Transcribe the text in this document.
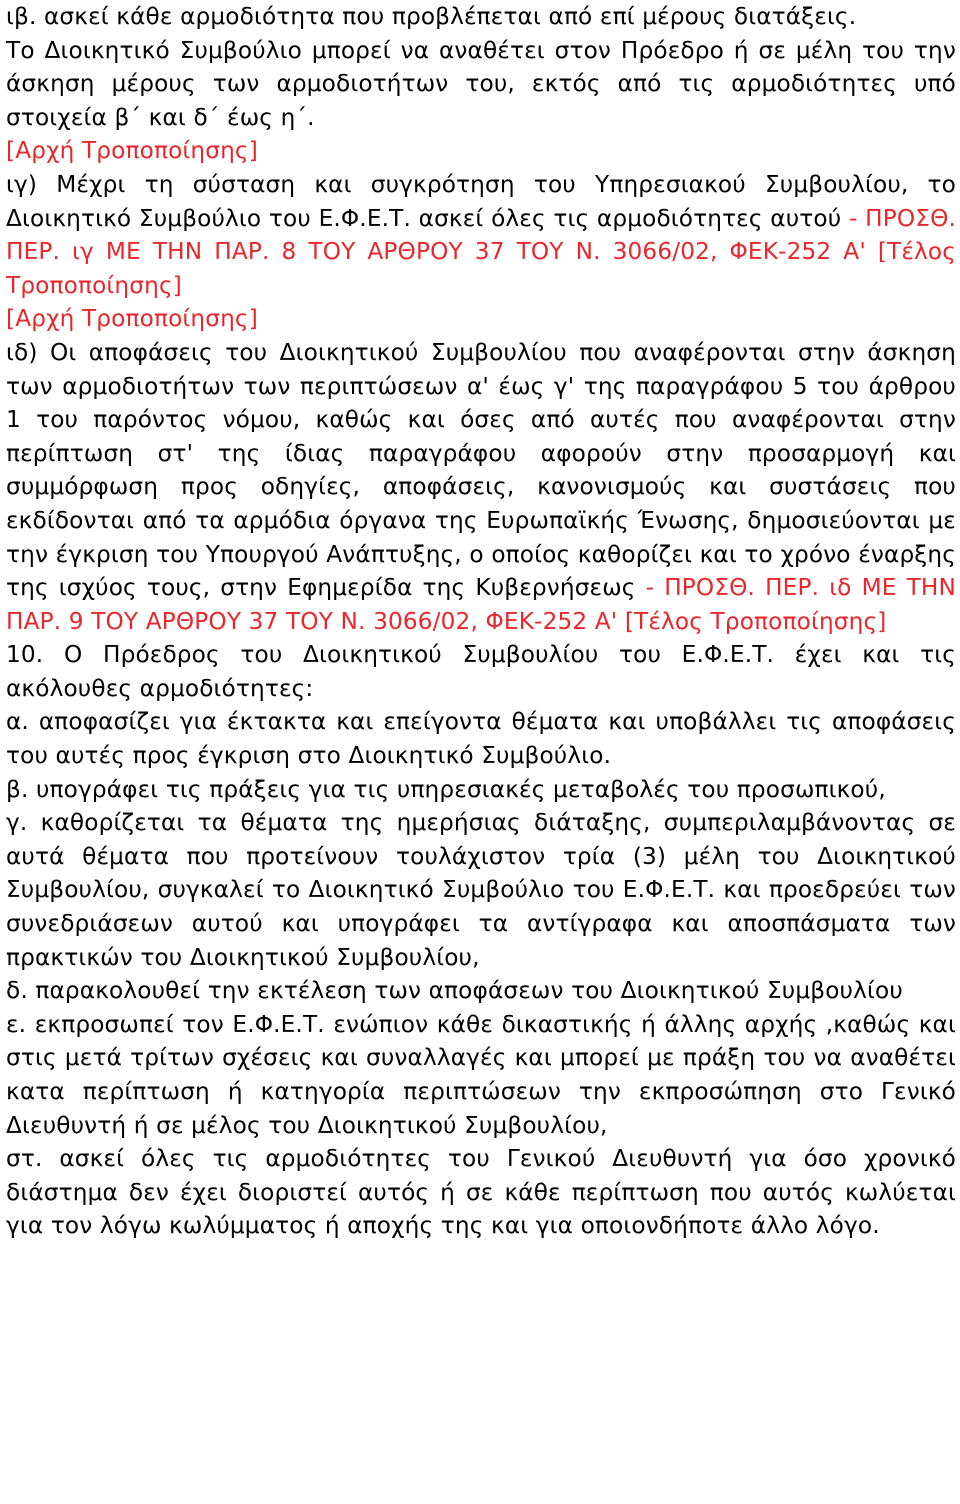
ιβ. ασκεί κάθε αρμοδιότητα που προβλέπεται από επί μέρους διατάξεις.

Το Διοικητικό Συμβούλιο μπορεί να αναθέτει στον Πρόεδρο ή σε μέλη του την άσκηση μέρους των αρμοδιοτήτων του, εκτός από τις αρμοδιότητες υπό στοιχεία β΄ και δ΄ έως η΄.

[Αρχή Τροποποίησης]

ιγ) Μέχρι τη σύσταση και συγκρότηση του Υπηρεσιακού Συμβουλίου, το Διοικητικό Συμβούλιο του Ε.Φ.Ε.Τ. ασκεί όλες τις αρμοδιότητες αυτού - ΠΡΟΣΘ. ΠΕΡ. ιγ ΜΕ ΤΗΝ ΠΑΡ. 8 ΤΟΥ ΑΡΘΡΟΥ 37 ΤΟΥ Ν. 3066/02, ΦΕΚ-252 Α' [Τέλος Τροποποίησης]

[Αρχή Τροποποίησης]

ιδ) Οι αποφάσεις του Διοικητικού Συμβουλίου που αναφέρονται στην άσκηση των αρμοδιοτήτων των περιπτώσεων α' έως γ' της παραγράφου 5 του άρθρου 1 του παρόντος νόμου, καθώς και όσες από αυτές που αναφέρονται στην περίπτωση στ' της ίδιας παραγράφου αφορούν στην προσαρμογή και συμμόρφωση προς οδηγίες, αποφάσεις, κανονισμούς και συστάσεις που εκδίδονται από τα αρμόδια όργανα της Ευρωπαϊκής Ένωσης, δημοσιεύονται με την έγκριση του Υπουργού Ανάπτυξης, ο οποίος καθορίζει και το χρόνο έναρξης της ισχύος τους, στην Εφημερίδα της Κυβερνήσεως - ΠΡΟΣΘ. ΠΕΡ. ιδ ΜΕ ΤΗΝ ΠΑΡ. 9 ΤΟΥ ΑΡΘΡΟΥ 37 ΤΟΥ Ν. 3066/02, ΦΕΚ-252 Α' [Τέλος Τροποποίησης]

10. Ο Πρόεδρος του Διοικητικού Συμβουλίου του Ε.Φ.Ε.Τ. έχει και τις ακόλουθες αρμοδιότητες:

α. αποφασίζει για έκτακτα και επείγοντα θέματα και υποβάλλει τις αποφάσεις του αυτές προς έγκριση στο Διοικητικό Συμβούλιο.

β. υπογράφει τις πράξεις για τις υπηρεσιακές μεταβολές του προσωπικού,

γ. καθορίζεται τα θέματα της ημερήσιας διάταξης, συμπεριλαμβάνοντας σε αυτά θέματα που προτείνουν τουλάχιστον τρία (3) μέλη του Διοικητικού Συμβουλίου, συγκαλεί το Διοικητικό Συμβούλιο του Ε.Φ.Ε.Τ. και προεδρεύει των συνεδριάσεων αυτού και υπογράφει τα αντίγραφα και αποσπάσματα των πρακτικών του Διοικητικού Συμβουλίου,

δ. παρακολουθεί την εκτέλεση των αποφάσεων του Διοικητικού Συμβουλίου

ε. εκπροσωπεί τον Ε.Φ.Ε.Τ. ενώπιον κάθε δικαστικής ή άλλης αρχής ,καθώς και στις μετά τρίτων σχέσεις και συναλλαγές και μπορεί με πράξη του να αναθέτει κατα περίπτωση ή κατηγορία περιπτώσεων την εκπροσώπηση στο Γενικό Διευθυντή ή σε μέλος του Διοικητικού Συμβουλίου,

στ. ασκεί όλες τις αρμοδιότητες του Γενικού Διευθυντή για όσο χρονικό διάστημα δεν έχει διοριστεί αυτός ή σε κάθε περίπτωση που αυτός κωλύεται για τον λόγω κωλύμματος ή αποχής της και για οποιονδήποτε άλλο λόγο.
